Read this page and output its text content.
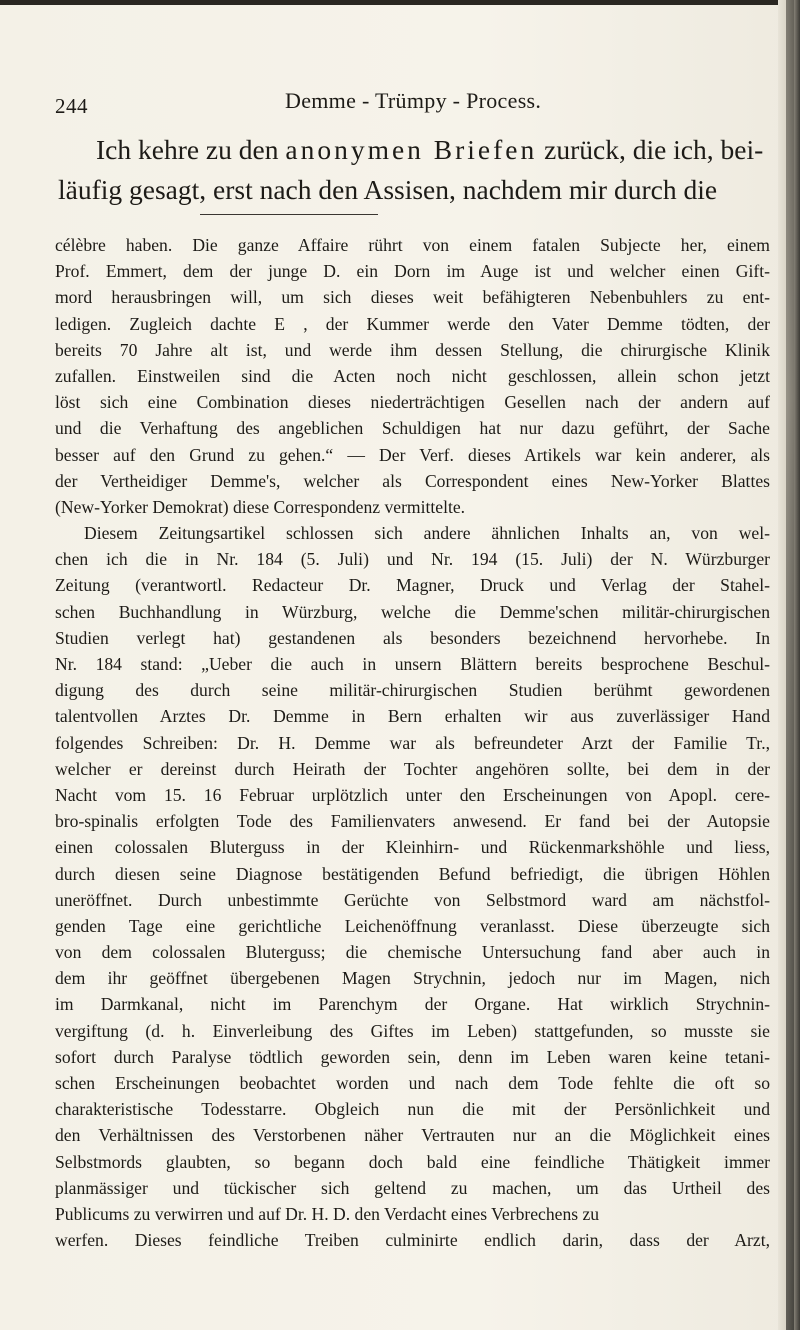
244	Demme - Trümpy - Process.

Ich kehre zu den anonymen Briefen zurück, die ich, bei-

läufig gesagt, erst nach den Assisen, nachdem mir durch die

célèbre haben. Die ganze Affaire rührt von einem fatalen Subjecte her, einem
Prof. Emmert, dem der junge D. ein Dorn im Auge ist und welcher einen Gift-
mord herausbringen will, um sich dieses weit befähigteren Nebenbuhlers zu ent-
ledigen. Zugleich dachte E , der Kummer werde den Vater Demme tödten, der
bereits 70 Jahre alt ist, und werde ihm dessen Stellung, die chirurgische Klinik
zufallen. Einstweilen sind die Acten noch nicht geschlossen, allein schon jetzt
löst sich eine Combination dieses niederträchtigen Gesellen nach der andern auf
und die Verhaftung des angeblichen Schuldigen hat nur dazu geführt, der Sache
besser auf den Grund zu gehen.“ — Der Verf. dieses Artikels war kein anderer, als
der Vertheidiger Demme's, welcher als Correspondent eines New-Yorker Blattes
(New-Yorker Demokrat) diese Correspondenz vermittelte.
Diesem Zeitungsartikel schlossen sich andere ähnlichen Inhalts an, von wel-
chen ich die in Nr. 184 (5. Juli) und Nr. 194 (15. Juli) der N. Würzburger
Zeitung (verantwortl. Redacteur Dr. Magner, Druck und Verlag der Stahel-
schen Buchhandlung in Würzburg, welche die Demme'schen militär-chirurgischen
Studien verlegt hat) gestandenen als besonders bezeichnend hervorhebe. In
Nr. 184 stand: „Ueber die auch in unsern Blättern bereits besprochene Beschul-
digung des durch seine militär-chirurgischen Studien berühmt gewordenen
talentvollen Arztes Dr. Demme in Bern erhalten wir aus zuverlässiger Hand
folgendes Schreiben: Dr. H. Demme war als befreundeter Arzt der Familie Tr.,
welcher er dereinst durch Heirath der Tochter angehören sollte, bei dem in der
Nacht vom 15. 16 Februar urplötzlich unter den Erscheinungen von Apopl. cere-
bro-spinalis erfolgten Tode des Familienvaters anwesend. Er fand bei der Autopsie
einen colossalen Bluterguss in der Kleinhirn- und Rückenmarkshöhle und liess,
durch diesen seine Diagnose bestätigenden Befund befriedigt, die übrigen Höhlen
uneröffnet. Durch unbestimmte Gerüchte von Selbstmord ward am nächstfol-
genden Tage eine gerichtliche Leichenöffnung veranlasst. Diese überzeugte sich
von dem colossalen Bluterguss; die chemische Untersuchung fand aber auch in
dem ihr geöffnet übergebenen Magen Strychnin, jedoch nur im Magen, nich
im Darmkanal, nicht im Parenchym der Organe. Hat wirklich Strychnin-
vergiftung (d. h. Einverleibung des Giftes im Leben) stattgefunden, so musste sie
sofort durch Paralyse tödtlich geworden sein, denn im Leben waren keine tetani-
schen Erscheinungen beobachtet worden und nach dem Tode fehlte die oft so
charakteristische Todesstarre. Obgleich nun die mit der Persönlichkeit und
den Verhältnissen des Verstorbenen näher Vertrauten nur an die Möglichkeit eines
Selbstmords glaubten, so begann doch bald eine feindliche Thätigkeit immer
planmässiger und tückischer sich geltend zu machen, um das Urtheil des
Publicums zu verwirren und auf Dr. H. D. den Verdacht eines Verbrechens zu
werfen. Dieses feindliche Treiben culminirte endlich darin, dass der Arzt,
